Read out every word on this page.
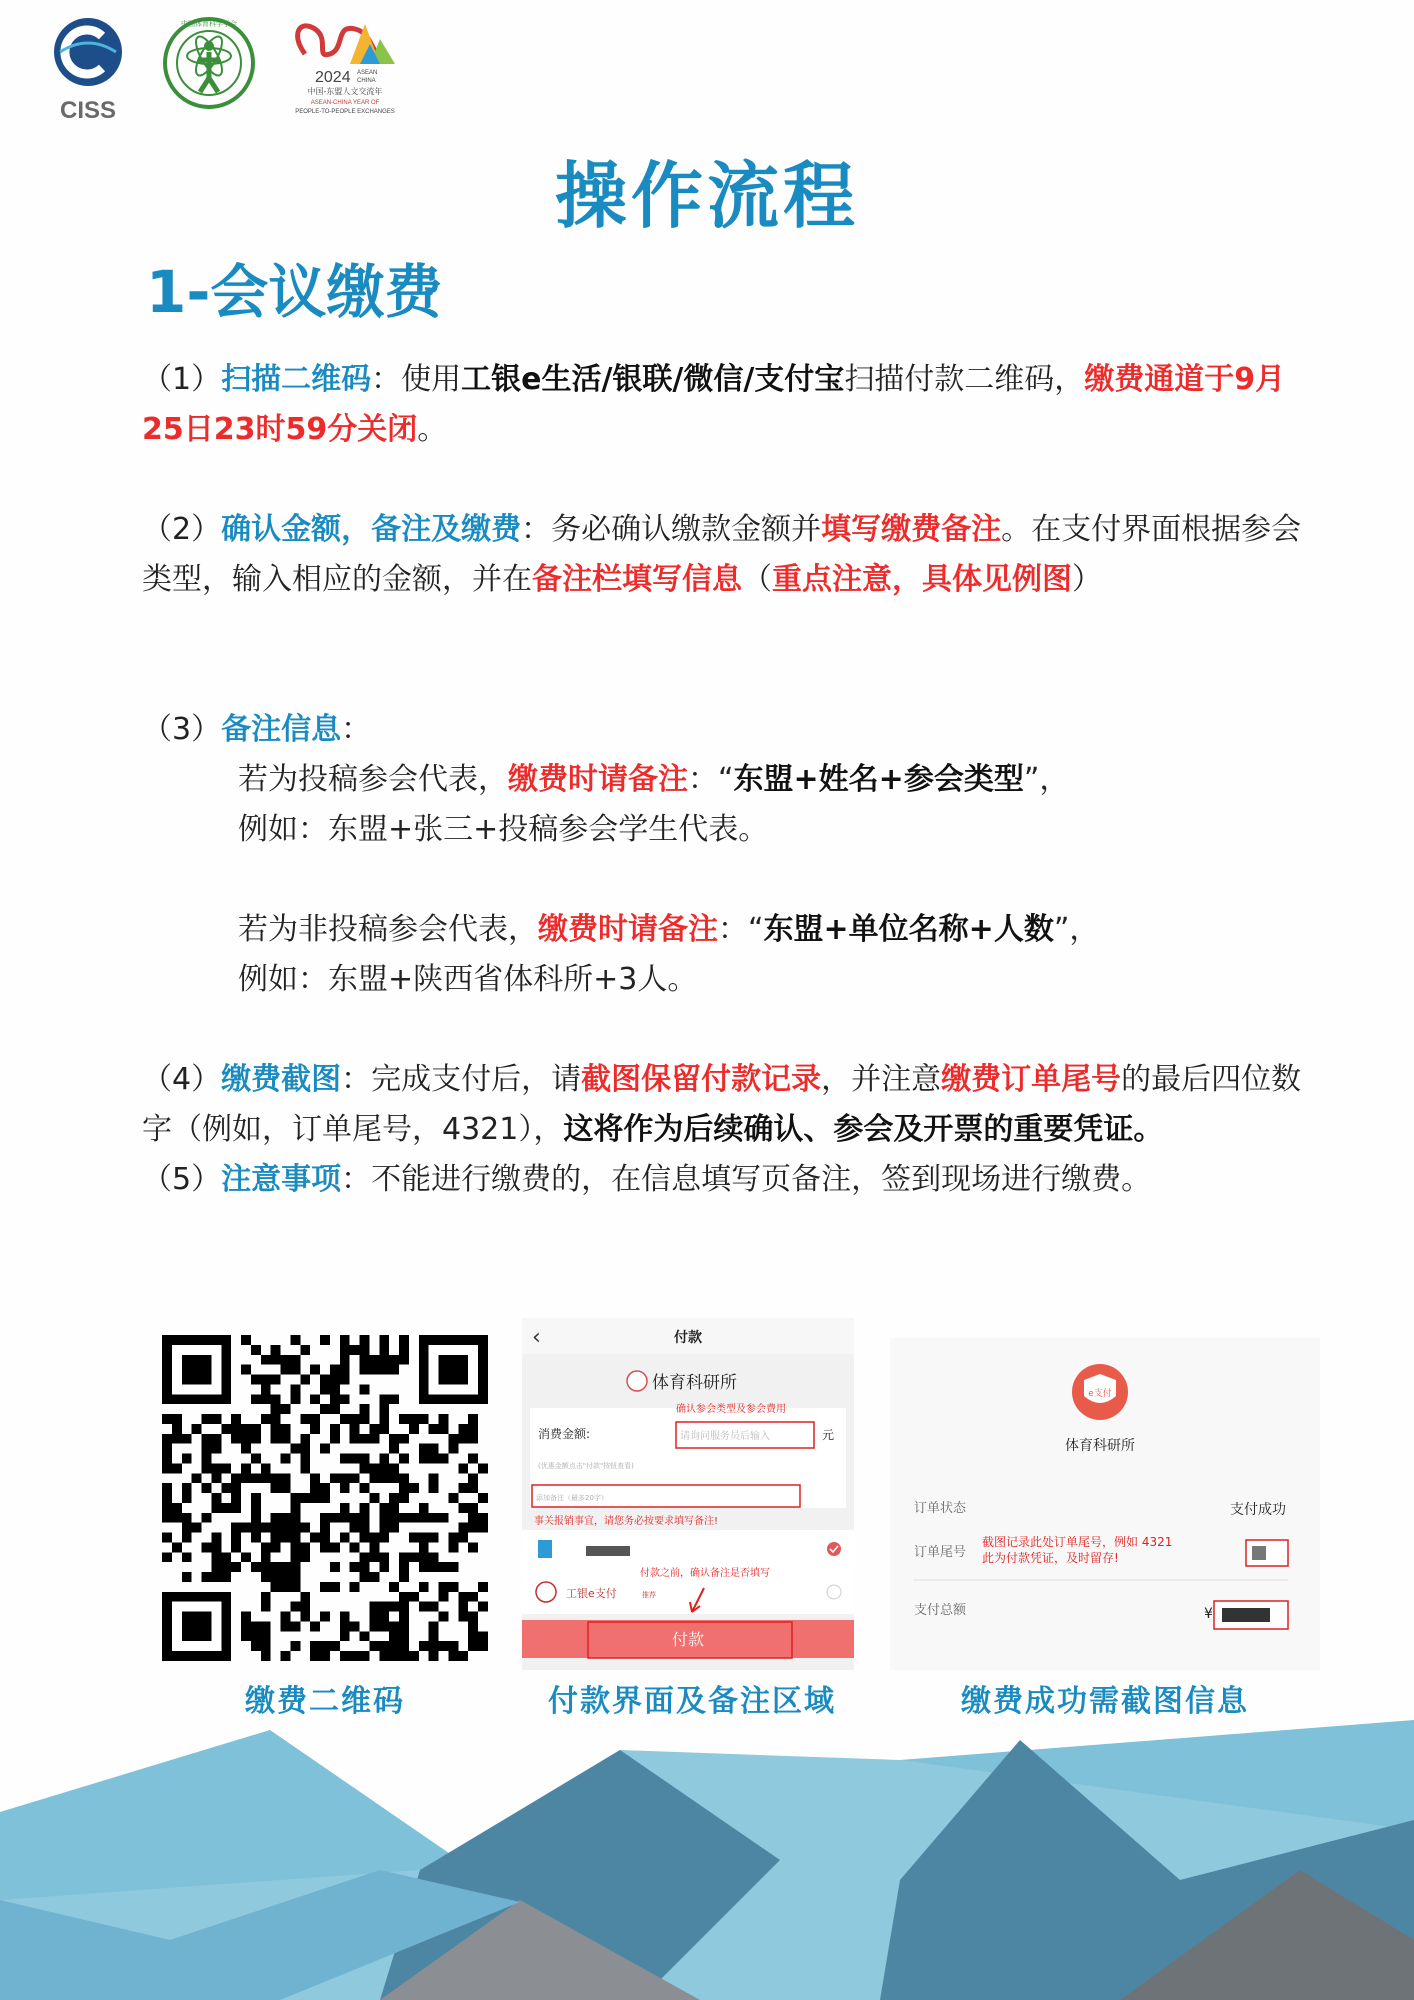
CISS
中国体育科学学会
2024 ASEAN
CHINA
中国-东盟人文交流年
ASEAN-CHINA YEAR OF
PEOPLE-TO-PEOPLE EXCHANGES
操作流程
1-会议缴费
（1）扫描二维码：使用工银e生活/银联/微信/支付宝扫描付款二维码，缴费通道于9月25日23时59分关闭。
（2）确认金额，备注及缴费：务必确认缴款金额并填写缴费备注。在支付界面根据参会类型，输入相应的金额，并在备注栏填写信息（重点注意，具体见例图）
（3）备注信息：
若为投稿参会代表，缴费时请备注：“东盟+姓名+参会类型”，
例如：东盟+张三+投稿参会学生代表。
若为非投稿参会代表，缴费时请备注：“东盟+单位名称+人数”，
例如：东盟+陕西省体科所+3人。
（4）缴费截图：完成支付后，请截图保留付款记录，并注意缴费订单尾号的最后四位数字（例如，订单尾号，4321），这将作为后续确认、参会及开票的重要凭证。
（5）注意事项：不能进行缴费的，在信息填写页备注，签到现场进行缴费。
‹	付款
体育科研所
确认参会类型及参会费用
消费金额:	请询问服务员后输入	元
(优惠金额点击"付款"按钮查看)
添加备注（最多20字）
事关报销事宜，请您务必按要求填写备注!
付款之前，确认备注是否填写
工银e支付	推荐
付款
e支付
体育科研所
订单状态	支付成功
订单尾号
截图记录此处订单尾号，例如 4321
此为付款凭证，及时留存!
支付总额	¥
缴费二维码	付款界面及备注区域	缴费成功需截图信息
